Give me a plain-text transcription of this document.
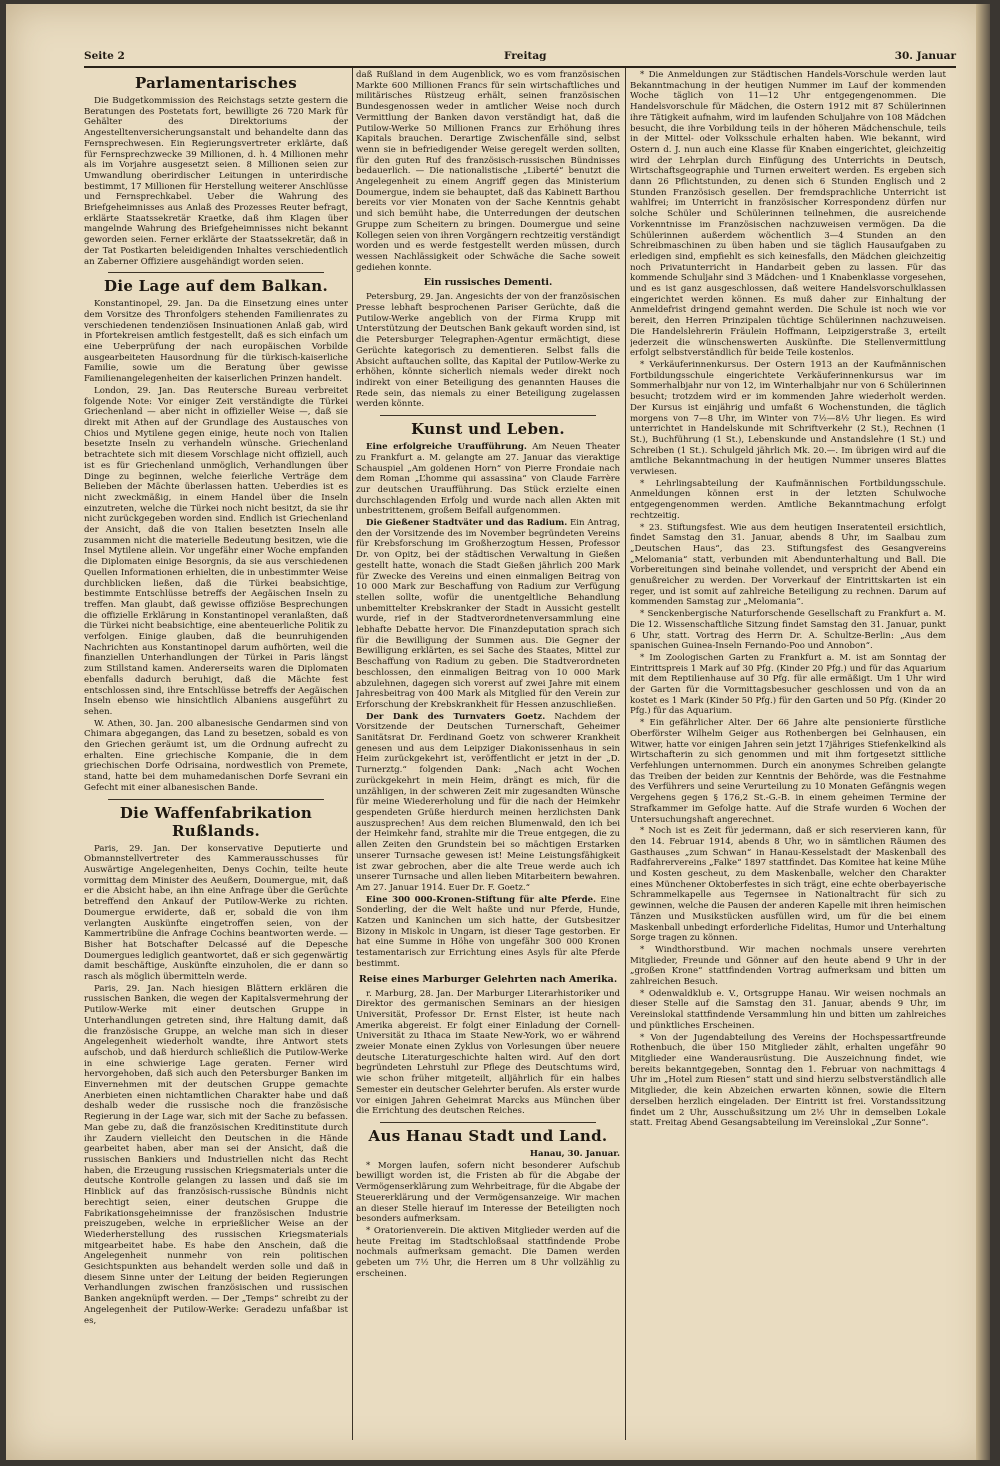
Seite 2	Freitag	30. Januar
Parlamentarisches

Die Budgetkommission des Reichstags setzte gestern die Beratungen des Postetats fort, bewilligte 26 720 Mark für Gehälter des Direktoriums der Angestelltenversicherungsanstalt und behandelte dann das Fernsprechwesen. Ein Regierungsvertreter erklärte, daß für Fernsprechzwecke 39 Millionen, d. h. 4 Millionen mehr als im Vorjahre ausgesetzt seien. 8 Millionen seien zur Umwandlung oberirdischer Leitungen in unterirdische bestimmt, 17 Millionen für Herstellung weiterer Anschlüsse und Fernsprechkabel. Ueber die Wahrung des Briefgeheimnisses aus Anlaß des Prozesses Reuter befragt, erklärte Staatssekretär Kraetke, daß ihm Klagen über mangelnde Wahrung des Briefgeheimnisses nicht bekannt geworden seien. Ferner erklärte der Staatssekretär, daß in der Tat Postkarten beleidigenden Inhaltes verschiedentlich an Zaberner Offiziere ausgehändigt worden seien.

Die Lage auf dem Balkan.

Konstantinopel, 29. Jan. Da die Einsetzung eines unter dem Vorsitze des Thronfolgers stehenden Familienrates zu verschiedenen tendenziösen Insinuationen Anlaß gab, wird in Pfortekreisen amtlich festgestellt, daß es sich einfach um eine Ueberprüfung der nach europäischen Vorbilde ausgearbeiteten Hausordnung für die türkisch-kaiserliche Familie, sowie um die Beratung über gewisse Familienangelegenheiten der kaiserlichen Prinzen handelt.

London, 29. Jan. Das Reutersche Bureau verbreitet folgende Note: Vor einiger Zeit verständigte die Türkei Griechenland — aber nicht in offizieller Weise —, daß sie direkt mit Athen auf der Grundlage des Austausches von Chios und Mytilene gegen einige, heute noch von Italien besetzte Inseln zu verhandeln wünsche. Griechenland betrachtete sich mit diesem Vorschlage nicht offiziell, auch ist es für Griechenland unmöglich, Verhandlungen über Dinge zu beginnen, welche feierliche Verträge dem Belieben der Mächte überlassen hatten. Ueberdies ist es nicht zweckmäßig, in einem Handel über die Inseln einzutreten, welche die Türkei noch nicht besitzt, da sie ihr nicht zurückgegeben worden sind. Endlich ist Griechenland der Ansicht, daß die von Italien besetzten Inseln alle zusammen nicht die materielle Bedeutung besitzen, wie die Insel Mytilene allein. Vor ungefähr einer Woche empfanden die Diplomaten einige Besorgnis, da sie aus verschiedenen Quellen Informationen erhielten, die in unbestimmter Weise durchblicken ließen, daß die Türkei beabsichtige, bestimmte Entschlüsse betreffs der Aegäischen Inseln zu treffen. Man glaubt, daß gewisse offiziöse Besprechungen die offizielle Erklärung in Konstantinopel veranlaßten, daß die Türkei nicht beabsichtige, eine abenteuerliche Politik zu verfolgen. Einige glauben, daß die beunruhigenden Nachrichten aus Konstantinopel darum aufhörten, weil die finanziellen Unterhandlungen der Türkei in Paris längst zum Stillstand kamen. Andererseits waren die Diplomaten ebenfalls dadurch beruhigt, daß die Mächte fest entschlossen sind, ihre Entschlüsse betreffs der Aegäischen Inseln ebenso wie hinsichtlich Albaniens ausgeführt zu sehen.

W. Athen, 30. Jan. 200 albanesische Gendarmen sind von Chimara abgegangen, das Land zu besetzen, sobald es von den Griechen geräumt ist, um die Ordnung aufrecht zu erhalten. Eine griechische Kompanie, die in dem griechischen Dorfe Odrisaina, nordwestlich von Premete, stand, hatte bei dem muhamedanischen Dorfe Sevrani ein Gefecht mit einer albanesischen Bande.

Die Waffenfabrikation Rußlands.

Paris, 29. Jan. Der konservative Deputierte und Obmannstellvertreter des Kammerausschusses für Auswärtige Angelegenheiten, Denys Cochin, teilte heute vormittag dem Minister des Aeußern, Doumergue, mit, daß er die Absicht habe, an ihn eine Anfrage über die Gerüchte betreffend den Ankauf der Putilow-Werke zu richten. Doumergue erwiderte, daß er, sobald die von ihm verlangten Auskünfte eingetroffen seien, von der Kammertribüne die Anfrage Cochins beantworten werde. — Bisher hat Botschafter Delcassé auf die Depesche Doumergues lediglich geantwortet, daß er sich gegenwärtig damit beschäftige, Auskünfte einzuholen, die er dann so rasch als möglich übermitteln werde.

Paris, 29. Jan. Nach hiesigen Blättern erklären die russischen Banken, die wegen der Kapitalsvermehrung der Putilow-Werke mit einer deutschen Gruppe in Unterhandlungen getreten sind, ihre Haltung damit, daß die französische Gruppe, an welche man sich in dieser Angelegenheit wiederholt wandte, ihre Antwort stets aufschob, und daß hierdurch schließlich die Putilow-Werke in eine schwierige Lage geraten. Ferner wird hervorgehoben, daß sich auch den Petersburger Banken im Einvernehmen mit der deutschen Gruppe gemachte Anerbieten einen nichtamtlichen Charakter habe und daß deshalb weder die russische noch die französische Regierung in der Lage war, sich mit der Sache zu befassen. Man gebe zu, daß die französischen Kreditinstitute durch ihr Zaudern vielleicht den Deutschen in die Hände gearbeitet haben, aber man sei der Ansicht, daß die russischen Bankiers und Industriellen nicht das Recht haben, die Erzeugung russischen Kriegsmaterials unter die deutsche Kontrolle gelangen zu lassen und daß sie im Hinblick auf das französisch-russische Bündnis nicht berechtigt seien, einer deutschen Gruppe die Fabrikationsgeheimnisse der französischen Industrie preiszugeben, welche in erprießlicher Weise an der Wiederherstellung des russischen Kriegsmaterials mitgearbeitet habe. Es habe den Anschein, daß die Angelegenheit nunmehr von rein politischen Gesichtspunkten aus behandelt werden solle und daß in diesem Sinne unter der Leitung der beiden Regierungen Verhandlungen zwischen französischen und russischen Banken angeknüpft werden. — Der „Temps“ schreibt zu der Angelegenheit der Putilow-Werke: Geradezu unfaßbar ist es,

daß Rußland in dem Augenblick, wo es vom französischen Markte 600 Millionen Francs für sein wirtschaftliches und militärisches Rüstzeug erhält, seinen französischen Bundesgenossen weder in amtlicher Weise noch durch Vermittlung der Banken davon verständigt hat, daß die Putilow-Werke 50 Millionen Francs zur Erhöhung ihres Kapitals brauchen. Derartige Zwischenfälle sind, selbst wenn sie in befriedigender Weise geregelt werden sollten, für den guten Ruf des französisch-russischen Bündnisses bedauerlich. — Die nationalistische „Liberté“ benutzt die Angelegenheit zu einem Angriff gegen das Ministerium Doumergue, indem sie behauptet, daß das Kabinett Barthou bereits vor vier Monaten von der Sache Kenntnis gehabt und sich bemüht habe, die Unterredungen der deutschen Gruppe zum Scheitern zu bringen. Doumergue und seine Kollegen seien von ihren Vorgängern rechtzeitig verständigt worden und es werde festgestellt werden müssen, durch wessen Nachlässigkeit oder Schwäche die Sache soweit gediehen konnte.

Ein russisches Dementi.

Petersburg, 29. Jan. Angesichts der von der französischen Presse lebhaft besprochenen Pariser Gerüchte, daß die Putilow-Werke angeblich von der Firma Krupp mit Unterstützung der Deutschen Bank gekauft worden sind, ist die Petersburger Telegraphen-Agentur ermächtigt, diese Gerüchte kategorisch zu dementieren. Selbst falls die Absicht auftauchen sollte, das Kapital der Putilow-Werke zu erhöhen, könnte sicherlich niemals weder direkt noch indirekt von einer Beteiligung des genannten Hauses die Rede sein, das niemals zu einer Beteiligung zugelassen werden könnte.

Kunst und Leben.

Eine erfolgreiche Uraufführung. Am Neuen Theater zu Frankfurt a. M. gelangte am 27. Januar das vieraktige Schauspiel „Am goldenen Horn“ von Pierre Frondaie nach dem Roman „L’homme qui assassina“ von Claude Farrère zur deutschen Uraufführung. Das Stück erzielte einen durchschlagenden Erfolg und wurde nach allen Akten mit unbestrittenem, großem Beifall aufgenommen.

Die Gießener Stadtväter und das Radium. Ein Antrag, den der Vorsitzende des im November begründeten Vereins für Krebsforschung im Großherzogtum Hessen, Professor Dr. von Opitz, bei der städtischen Verwaltung in Gießen gestellt hatte, wonach die Stadt Gießen jährlich 200 Mark für Zwecke des Vereins und einen einmaligen Beitrag von 10 000 Mark zur Beschaffung von Radium zur Verfügung stellen sollte, wofür die unentgeltliche Behandlung unbemittelter Krebskranker der Stadt in Aussicht gestellt wurde, rief in der Stadtverordnetenversammlung eine lebhafte Debatte hervor. Die Finanzdeputation sprach sich für die Bewilligung der Summen aus. Die Gegner der Bewilligung erklärten, es sei Sache des Staates, Mittel zur Beschaffung von Radium zu geben. Die Stadtverordneten beschlossen, den einmaligen Beitrag von 10 000 Mark abzulehnen, dagegen sich vorerst auf zwei Jahre mit einem Jahresbeitrag von 400 Mark als Mitglied für den Verein zur Erforschung der Krebskrankheit für Hessen anzuschließen.

Der Dank des Turnvaters Goetz. Nachdem der Vorsitzende der Deutschen Turnerschaft, Geheimer Sanitätsrat Dr. Ferdinand Goetz von schwerer Krankheit genesen und aus dem Leipziger Diakonissenhaus in sein Heim zurückgekehrt ist, veröffentlicht er jetzt in der „D. Turnerztg.“ folgenden Dank: „Nach acht Wochen zurückgekehrt in mein Heim, drängt es mich, für die unzähligen, in der schweren Zeit mir zugesandten Wünsche für meine Wiedererholung und für die nach der Heimkehr gespendeten Grüße hierdurch meinen herzlichsten Dank auszusprechen! Aus dem reichen Blumenwald, den ich bei der Heimkehr fand, strahlte mir die Treue entgegen, die zu allen Zeiten den Grundstein bei so mächtigen Erstarken unserer Turnsache gewesen ist! Meine Leistungsfähigkeit ist zwar gebrochen, aber die alte Treue werde auch ich unserer Turnsache und allen lieben Mitarbeitern bewahren. Am 27. Januar 1914. Euer Dr. F. Goetz.“

Eine 300 000-Kronen-Stiftung für alte Pferde. Eine Sonderling, der die Welt haßte und nur Pferde, Hunde, Katzen und Kaninchen um sich hatte, der Gutsbesitzer Bizony in Miskolc in Ungarn, ist dieser Tage gestorben. Er hat eine Summe in Höhe von ungefähr 300 000 Kronen testamentarisch zur Errichtung eines Asyls für alte Pferde bestimmt.

Reise eines Marburger Gelehrten nach Amerika.

r. Marburg, 28. Jan. Der Marburger Literarhistoriker und Direktor des germanischen Seminars an der hiesigen Universität, Professor Dr. Ernst Elster, ist heute nach Amerika abgereist. Er folgt einer Einladung der Cornell-Universität zu Ithaca im Staate New-York, wo er während zweier Monate einen Zyklus von Vorlesungen über neuere deutsche Literaturgeschichte halten wird. Auf den dort begründeten Lehrstuhl zur Pflege des Deutschtums wird, wie schon früher mitgeteilt, alljährlich für ein halbes Semester ein deutscher Gelehrter berufen. Als erster wurde vor einigen Jahren Geheimrat Marcks aus München über die Errichtung des deutschen Reiches.

Aus Hanau Stadt und Land.

Hanau, 30. Januar.

* Morgen laufen, sofern nicht besonderer Aufschub bewilligt worden ist, die Fristen ab für die Abgabe der Vermögenserklärung zum Wehrbeitrage, für die Abgabe der Steuererklärung und der Vermögensanzeige. Wir machen an dieser Stelle hierauf im Interesse der Beteiligten noch besonders aufmerksam.

* Oratorienverein. Die aktiven Mitglieder werden auf die heute Freitag im Stadtschloßsaal stattfindende Probe nochmals aufmerksam gemacht. Die Damen werden gebeten um 7½ Uhr, die Herren um 8 Uhr vollzählig zu erscheinen.

* Die Anmeldungen zur Städtischen Handels-Vorschule werden laut Bekanntmachung in der heutigen Nummer im Lauf der kommenden Woche täglich von 11—12 Uhr entgegengenommen. Die Handelsvorschule für Mädchen, die Ostern 1912 mit 87 Schülerinnen ihre Tätigkeit aufnahm, wird im laufenden Schuljahre von 108 Mädchen besucht, die ihre Vorbildung teils in der höheren Mädchenschule, teils in der Mittel- oder Volksschule erhalten haben. Wie bekannt, wird Ostern d. J. nun auch eine Klasse für Knaben eingerichtet, gleichzeitig wird der Lehrplan durch Einfügung des Unterrichts in Deutsch, Wirtschaftsgeographie und Turnen erweitert werden. Es ergeben sich dann 26 Pflichtstunden, zu denen sich 6 Stunden Englisch und 2 Stunden Französisch gesellen. Der fremdsprachliche Unterricht ist wahlfrei; im Unterricht in französischer Korrespondenz dürfen nur solche Schüler und Schülerinnen teilnehmen, die ausreichende Vorkenntnisse im Französischen nachzuweisen vermögen. Da die Schülerinnen außerdem wöchentlich 3—4 Stunden an den Schreibmaschinen zu üben haben und sie täglich Hausaufgaben zu erledigen sind, empfiehlt es sich keinesfalls, den Mädchen gleichzeitig noch Privatunterricht in Handarbeit geben zu lassen. Für das kommende Schuljahr sind 3 Mädchen- und 1 Knabenklasse vorgesehen, und es ist ganz ausgeschlossen, daß weitere Handelsvorschulklassen eingerichtet werden können. Es muß daher zur Einhaltung der Anmeldefrist dringend gemahnt werden. Die Schule ist noch wie vor bereit, den Herren Prinzipalen tüchtige Schülerinnen nachzuweisen. Die Handelslehrerin Fräulein Hoffmann, Leipzigerstraße 3, erteilt jederzeit die wünschenswerten Auskünfte. Die Stellenvermittlung erfolgt selbstverständlich für beide Teile kostenlos.

* Verkäuferinnenkursus. Der Ostern 1913 an der Kaufmännischen Fortbildungsschule eingerichtete Verkäuferinnenkursus war im Sommerhalbjahr nur von 12, im Winterhalbjahr nur von 6 Schülerinnen besucht; trotzdem wird er im kommenden Jahre wiederholt werden. Der Kursus ist einjährig und umfaßt 6 Wochenstunden, die täglich morgens von 7—8 Uhr, im Winter von 7½—8½ Uhr liegen. Es wird unterrichtet in Handelskunde mit Schriftverkehr (2 St.), Rechnen (1 St.), Buchführung (1 St.), Lebenskunde und Anstandslehre (1 St.) und Schreiben (1 St.). Schulgeld jährlich Mk. 20.—. Im übrigen wird auf die amtliche Bekanntmachung in der heutigen Nummer unseres Blattes verwiesen.

* Lehrlingsabteilung der Kaufmännischen Fortbildungsschule. Anmeldungen können erst in der letzten Schulwoche entgegengenommen werden. Amtliche Bekanntmachung erfolgt rechtzeitig.

* 23. Stiftungsfest. Wie aus dem heutigen Inseratenteil ersichtlich, findet Samstag den 31. Januar, abends 8 Uhr, im Saalbau zum „Deutschen Haus“, das 23. Stiftungsfest des Gesangvereins „Melomania“ statt, verbunden mit Abendunterhaltung und Ball. Die Vorbereitungen sind beinahe vollendet, und verspricht der Abend ein genußreicher zu werden. Der Vorverkauf der Eintrittskarten ist ein reger, und ist somit auf zahlreiche Beteiligung zu rechnen. Darum auf kommenden Samstag zur „Melomania“.

* Senckenbergische Naturforschende Gesellschaft zu Frankfurt a. M. Die 12. Wissenschaftliche Sitzung findet Samstag den 31. Januar, punkt 6 Uhr, statt. Vortrag des Herrn Dr. A. Schultze-Berlin: „Aus dem spanischen Guinea-Inseln Fernando-Poo und Annobon“.

* Im Zoologischen Garten zu Frankfurt a. M. ist am Sonntag der Eintrittspreis 1 Mark auf 30 Pfg. (Kinder 20 Pfg.) und für das Aquarium mit dem Reptilienhause auf 30 Pfg. für alle ermäßigt. Um 1 Uhr wird der Garten für die Vormittagsbesucher geschlossen und von da an kostet es 1 Mark (Kinder 50 Pfg.) für den Garten und 50 Pfg. (Kinder 20 Pfg.) für das Aquarium.

* Ein gefährlicher Alter. Der 66 Jahre alte pensionierte fürstliche Oberförster Wilhelm Geiger aus Rothenbergen bei Gelnhausen, ein Witwer, hatte vor einigen Jahren sein jetzt 17jähriges Stiefenkelkind als Wirtschafterin zu sich genommen und mit ihm fortgesetzt sittliche Verfehlungen unternommen. Durch ein anonymes Schreiben gelangte das Treiben der beiden zur Kenntnis der Behörde, was die Festnahme des Verführers und seine Verurteilung zu 10 Monaten Gefängnis wegen Vergehens gegen § 176,2 St.-G.-B. in einem geheimen Termine der Strafkammer im Gefolge hatte. Auf die Strafe wurden 6 Wochen der Untersuchungshaft angerechnet.

* Noch ist es Zeit für jedermann, daß er sich reservieren kann, für den 14. Februar 1914, abends 8 Uhr, wo in sämtlichen Räumen des Gasthauses „zum Schwan“ in Hanau-Kesselstadt der Maskenball des Radfahrervereins „Falke“ 1897 stattfindet. Das Komitee hat keine Mühe und Kosten gescheut, zu dem Maskenballe, welcher den Charakter eines Münchener Oktoberfestes in sich trägt, eine echte oberbayerische Schrammelkapelle aus Tegernsee in Nationaltracht für sich zu gewinnen, welche die Pausen der anderen Kapelle mit ihren heimischen Tänzen und Musikstücken ausfüllen wird, um für die bei einem Maskenball unbedingt erforderliche Fidelitas, Humor und Unterhaltung Sorge tragen zu können.

* Windthorstbund. Wir machen nochmals unsere verehrten Mitglieder, Freunde und Gönner auf den heute abend 9 Uhr in der „großen Krone“ stattfindenden Vortrag aufmerksam und bitten um zahlreichen Besuch.

* Odenwaldklub e. V., Ortsgruppe Hanau. Wir weisen nochmals an dieser Stelle auf die Samstag den 31. Januar, abends 9 Uhr, im Vereinslokal stattfindende Versammlung hin und bitten um zahlreiches und pünktliches Erscheinen.

* Von der Jugendabteilung des Vereins der Hochspessartfreunde Rothenbuch, die über 150 Mitglieder zählt, erhalten ungefähr 90 Mitglieder eine Wanderausrüstung. Die Auszeichnung findet, wie bereits bekanntgegeben, Sonntag den 1. Februar von nachmittags 4 Uhr im „Hotel zum Riesen“ statt und sind hierzu selbstverständlich alle Mitglieder, die kein Abzeichen erwarten können, sowie die Eltern derselben herzlich eingeladen. Der Eintritt ist frei. Vorstandssitzung findet um 2 Uhr, Ausschußsitzung um 2½ Uhr in demselben Lokale statt. Freitag Abend Gesangsabteilung im Vereinslokal „Zur Sonne“.
